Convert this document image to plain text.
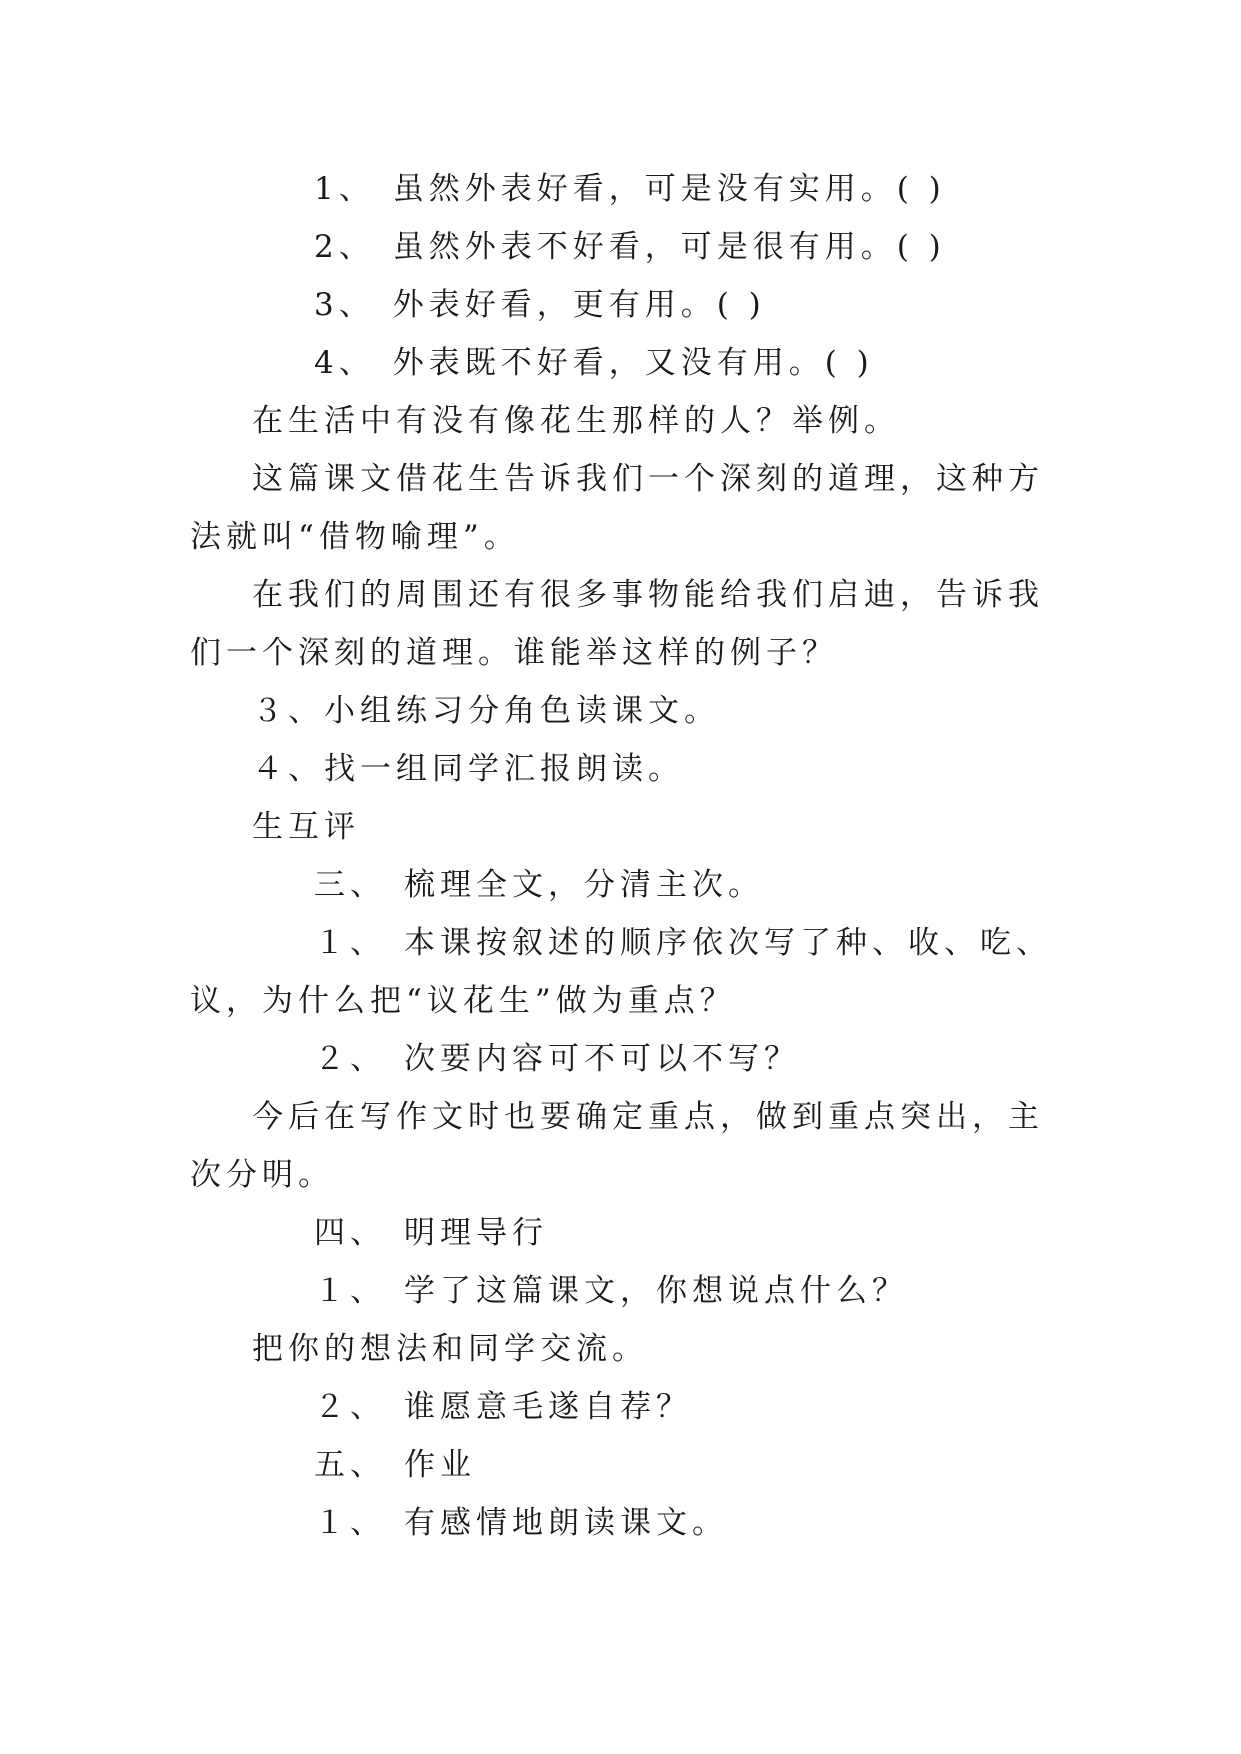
1、 虽然外表好看，可是没有实用。( )

2、 虽然外表不好看，可是很有用。( )

3、 外表好看，更有用。( )

4、 外表既不好看，又没有用。( )

在生活中有没有像花生那样的人？举例。

这篇课文借花生告诉我们一个深刻的道理，这种方法就叫“借物喻理”。

在我们的周围还有很多事物能给我们启迪，告诉我们一个深刻的道理。谁能举这样的例子？

３、小组练习分角色读课文。

４、找一组同学汇报朗读。

生互评

三、 梳理全文，分清主次。

１、 本课按叙述的顺序依次写了种、收、吃、议，为什么把“议花生”做为重点？

２、 次要内容可不可以不写？

今后在写作文时也要确定重点，做到重点突出，主次分明。

四、 明理导行

１、 学了这篇课文，你想说点什么？

把你的想法和同学交流。

２、 谁愿意毛遂自荐？

五、 作业

１、 有感情地朗读课文。
